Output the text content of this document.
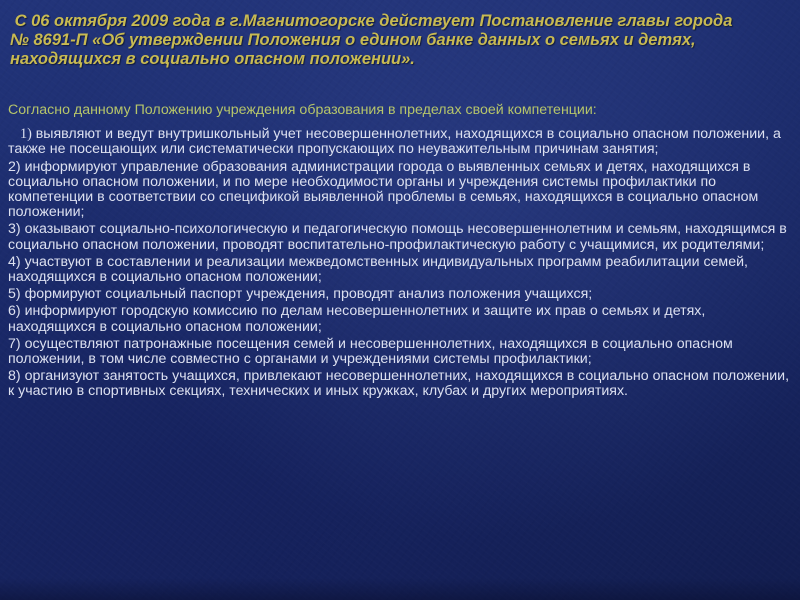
С 06 октября 2009 года в г.Магнитогорске действует Постановление главы города
№ 8691-П «Об утверждении Положения о едином банке данных о семьях и детях, находящихся в социально опасном положении».

Согласно данному Положению учреждения образования в пределах своей компетенции:

1) выявляют и ведут внутришкольный учет несовершеннолетних, находящихся в социально опасном положении, а также не посещающих или систематически пропускающих по неуважительным причинам занятия;

2) информируют управление образования администрации города о выявленных семьях и детях, находящихся в социально опасном положении, и по мере необходимости органы и учреждения системы профилактики по компетенции в соответствии со спецификой выявленной проблемы в семьях, находящихся в социально опасном положении;

3) оказывают социально-психологическую и педагогическую помощь несовершеннолетним и семьям, находящимся в социально опасном положении, проводят воспитательно-профилактическую работу с учащимися, их родителями;

4) участвуют в составлении и реализации межведомственных индивидуальных программ реабилитации семей, находящихся в социально опасном положении;

5) формируют социальный паспорт учреждения, проводят анализ положения учащихся;

6) информируют городскую комиссию по делам несовершеннолетних и защите их прав о семьях и детях, находящихся в социально опасном положении;

7) осуществляют патронажные посещения семей и несовершеннолетних, находящихся в социально опасном положении, в том числе совместно с органами и учреждениями системы профилактики;

8) организуют занятость учащихся, привлекают несовершеннолетних, находящихся в социально опасном положении, к участию в спортивных секциях, технических и иных кружках, клубах и других мероприятиях.
